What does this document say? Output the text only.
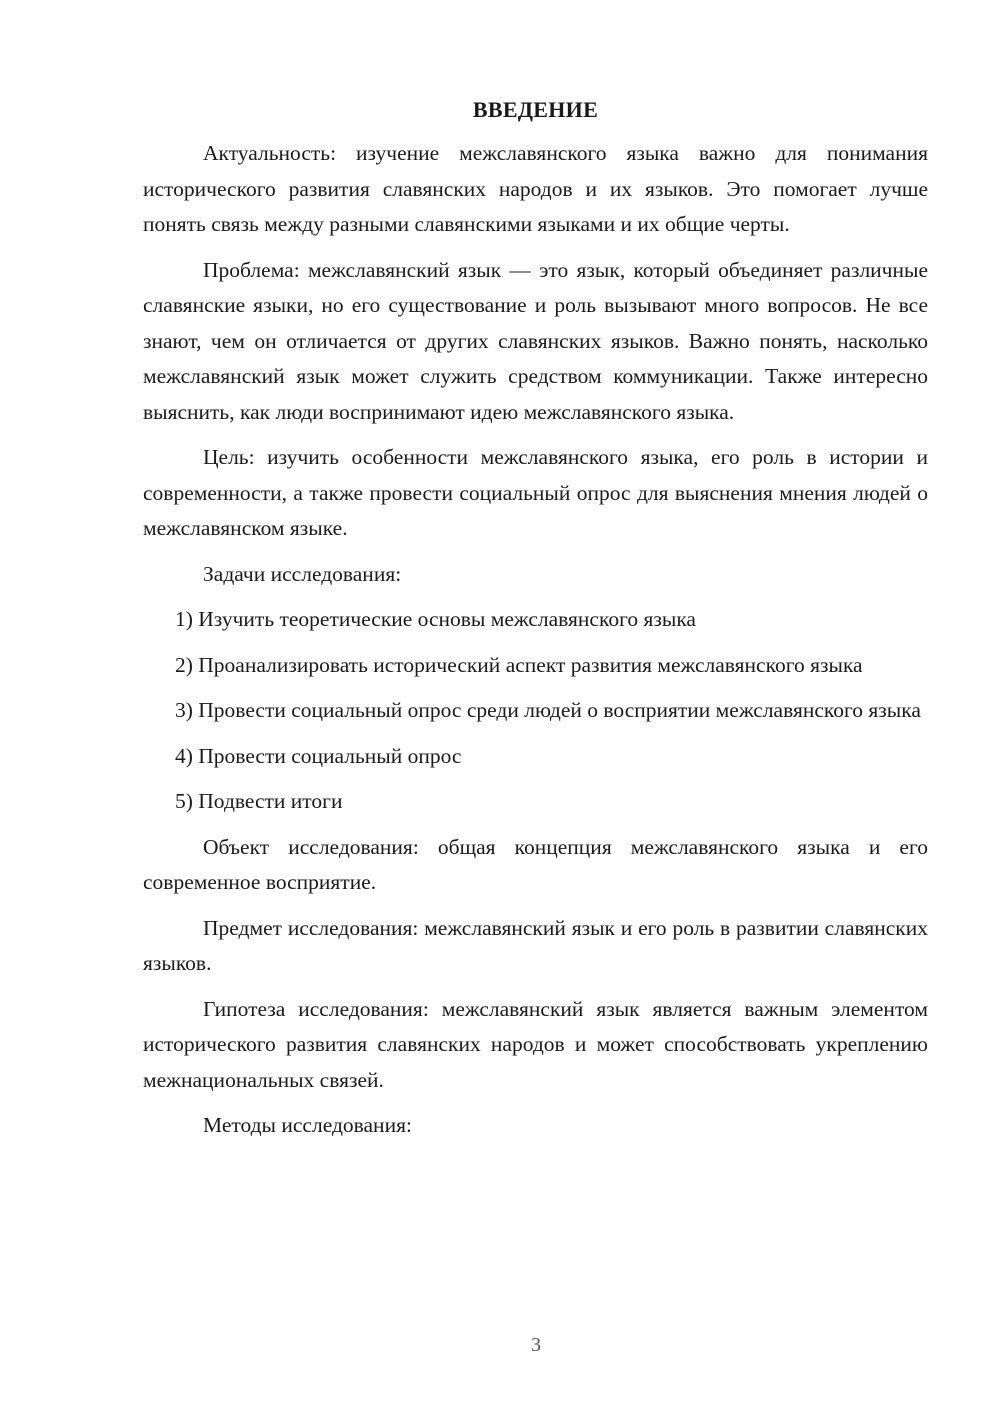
ВВЕДЕНИЕ

Актуальность: изучение межславянского языка важно для понимания исторического развития славянских народов и их языков. Это помогает лучше понять связь между разными славянскими языками и их общие черты.

Проблема: межславянский язык — это язык, который объединяет различные славянские языки, но его существование и роль вызывают много вопросов. Не все знают, чем он отличается от других славянских языков. Важно понять, насколько межславянский язык может служить средством коммуникации. Также интересно выяснить, как люди воспринимают идею межславянского языка.

Цель: изучить особенности межславянского языка, его роль в истории и современности, а также провести социальный опрос для выяснения мнения людей о межславянском языке.

Задачи исследования:

1) Изучить теоретические основы межславянского языка

2) Проанализировать исторический аспект развития межславянского языка

3) Провести социальный опрос среди людей о восприятии межславянского языка

4) Провести социальный опрос

5) Подвести итоги

Объект исследования: общая концепция межславянского языка и его современное восприятие.

Предмет исследования: межславянский язык и его роль в развитии славянских языков.

Гипотеза исследования: межславянский язык является важным элементом исторического развития славянских народов и может способствовать укреплению межнациональных связей.

Методы исследования:

3
